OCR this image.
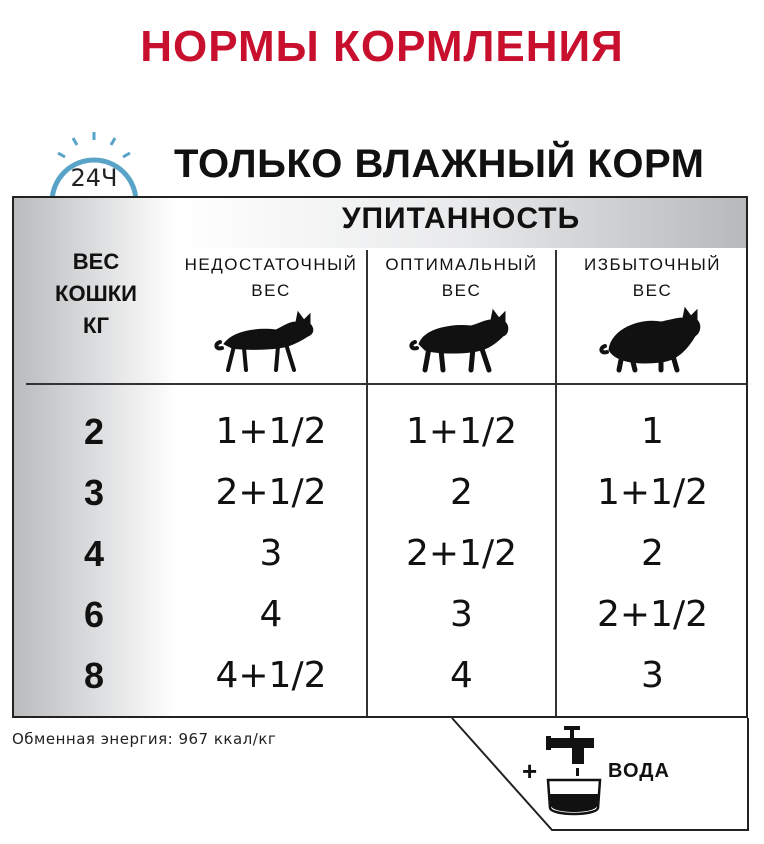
НОРМЫ КОРМЛЕНИЯ
24Ч ТОЛЬКО ВЛАЖНЫЙ КОРМ
УПИТАННОСТЬ
ВЕС
КОШКИ
КГ
НЕДОСТАТОЧНЫЙ
ВЕС
ОПТИМАЛЬНЫЙ
ВЕС
ИЗБЫТОЧНЫЙ
ВЕС
2	1+1/2	1+1/2	1
3	2+1/2	2	1+1/2
4	3	2+1/2	2
6	4	3	2+1/2
8	4+1/2	4	3
Обменная энергия: 967 ккал/кг
+	ВОДА
